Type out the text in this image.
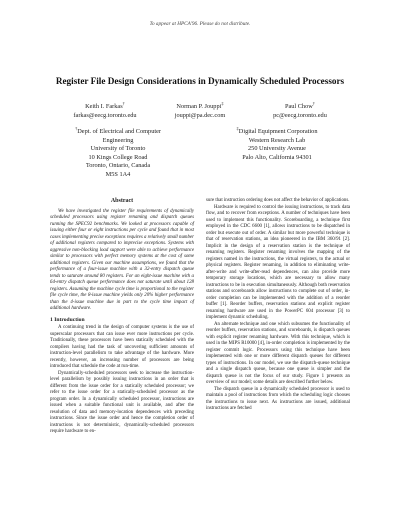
To appear at HPCA'96. Please do not distribute.
Register File Design Considerations in Dynamically Scheduled Processors
Keith I. Farkas†
farkas@eecg.toronto.edu
Norman P. Jouppi‡
jouppi@pa.dec.com
Paul Chow†
pc@eecg.toronto.edu
†Dept. of Electrical and Computer
Engineering
University of Toronto
10 Kings College Road
Toronto, Ontario, Canada
M5S 1A4
‡Digital Equipment Corporation
Western Research Lab
250 University Avenue
Palo Alto, California 94301
Abstract

We have investigated the register file requirements of dynamically scheduled processors using register renaming and dispatch queues running the SPEC92 benchmarks. We looked at processors capable of issuing either four or eight instructions per cycle and found that in most cases implementing precise exceptions requires a relatively small number of additional registers compared to imprecise exceptions. Systems with aggressive non-blocking load support were able to achieve performance similar to processors with perfect memory systems at the cost of some additional registers. Given our machine assumptions, we found that the performance of a four-issue machine with a 32-entry dispatch queue tends to saturate around 80 registers. For an eight-issue machine with a 64-entry dispatch queue performance does not saturate until about 128 registers. Assuming the machine cycle time is proportional to the register file cycle time, the 8-issue machine yields only 20% higher performance than the 4-issue machine due in part to the cycle time impact of additional hardware.

1 Introduction

A continuing trend in the design of computer systems is the use of superscalar processors that can issue ever more instructions per cycle. Traditionally, these processors have been statically scheduled with the compilers having had the task of uncovering sufficient amounts of instruction-level parallelism to take advantage of the hardware. More recently, however, an increasing number of processors are being introduced that schedule the code at run-time.

Dynamically-scheduled processors seek to increase the instruction-level parallelism by possibly issuing instructions in an order that is different from the issue order for a statically scheduled processor; we refer to the issue order for a statically-scheduled processor as the program order. In a dynamically scheduled processor, instructions are issued when a suitable functional unit is available, and after the resolution of data and memory-location dependences with preceding instructions. Since the issue order and hence the completion order of instructions is not deterministic, dynamically-scheduled processors require hardware to en-

sure that instruction ordering does not affect the behavior of applications.

Hardware is required to control the issuing instructions, to track data flow, and to recover from exceptions. A number of techniques have been used to implement this functionality. Scoreboarding, a technique first employed in the CDC 6600 [1], allows instructions to be dispatched in order but execute out of order. A similar but more powerful technique is that of reservation stations, an idea pioneered in the IBM 360/91 [2]. Implicit in the design of a reservation station is the technique of renaming registers. Register renaming involves the mapping of the registers named in the instructions, the virtual registers, to the actual or physical registers. Register renaming, in addition to eliminating write-after-write and write-after-read dependences, can also provide more temporary storage locations, which are necessary to allow many instructions to be in execution simultaneously. Although both reservation stations and scoreboards allow instructions to complete out of order, in-order completion can be implemented with the addition of a reorder buffer [1]. Reorder buffers, reservation stations and explicit register renaming hardware are used in the PowerPC 604 processor [3] to implement dynamic scheduling.

An alternate technique and one which subsumes the functionality of reorder buffers, reservation stations, and scoreboards, is dispatch queues with explicit register renaming hardware. With this technique, which is used in the MIPS R10000 [4], in-order completion is implemented by the register commit logic. Processors using this technique have been implemented with one or more different dispatch queues for different types of instructions. In our model, we use the dispatch-queue technique and a single dispatch queue, because one queue is simpler and the dispatch queue is not the focus of our study. Figure 1 presents an overview of our model; some details are described further below.

The dispatch queue in a dynamically scheduled processor is used to maintain a pool of instructions from which the scheduling logic chooses the instructions to issue next. As instructions are issued, additional instructions are fetched
